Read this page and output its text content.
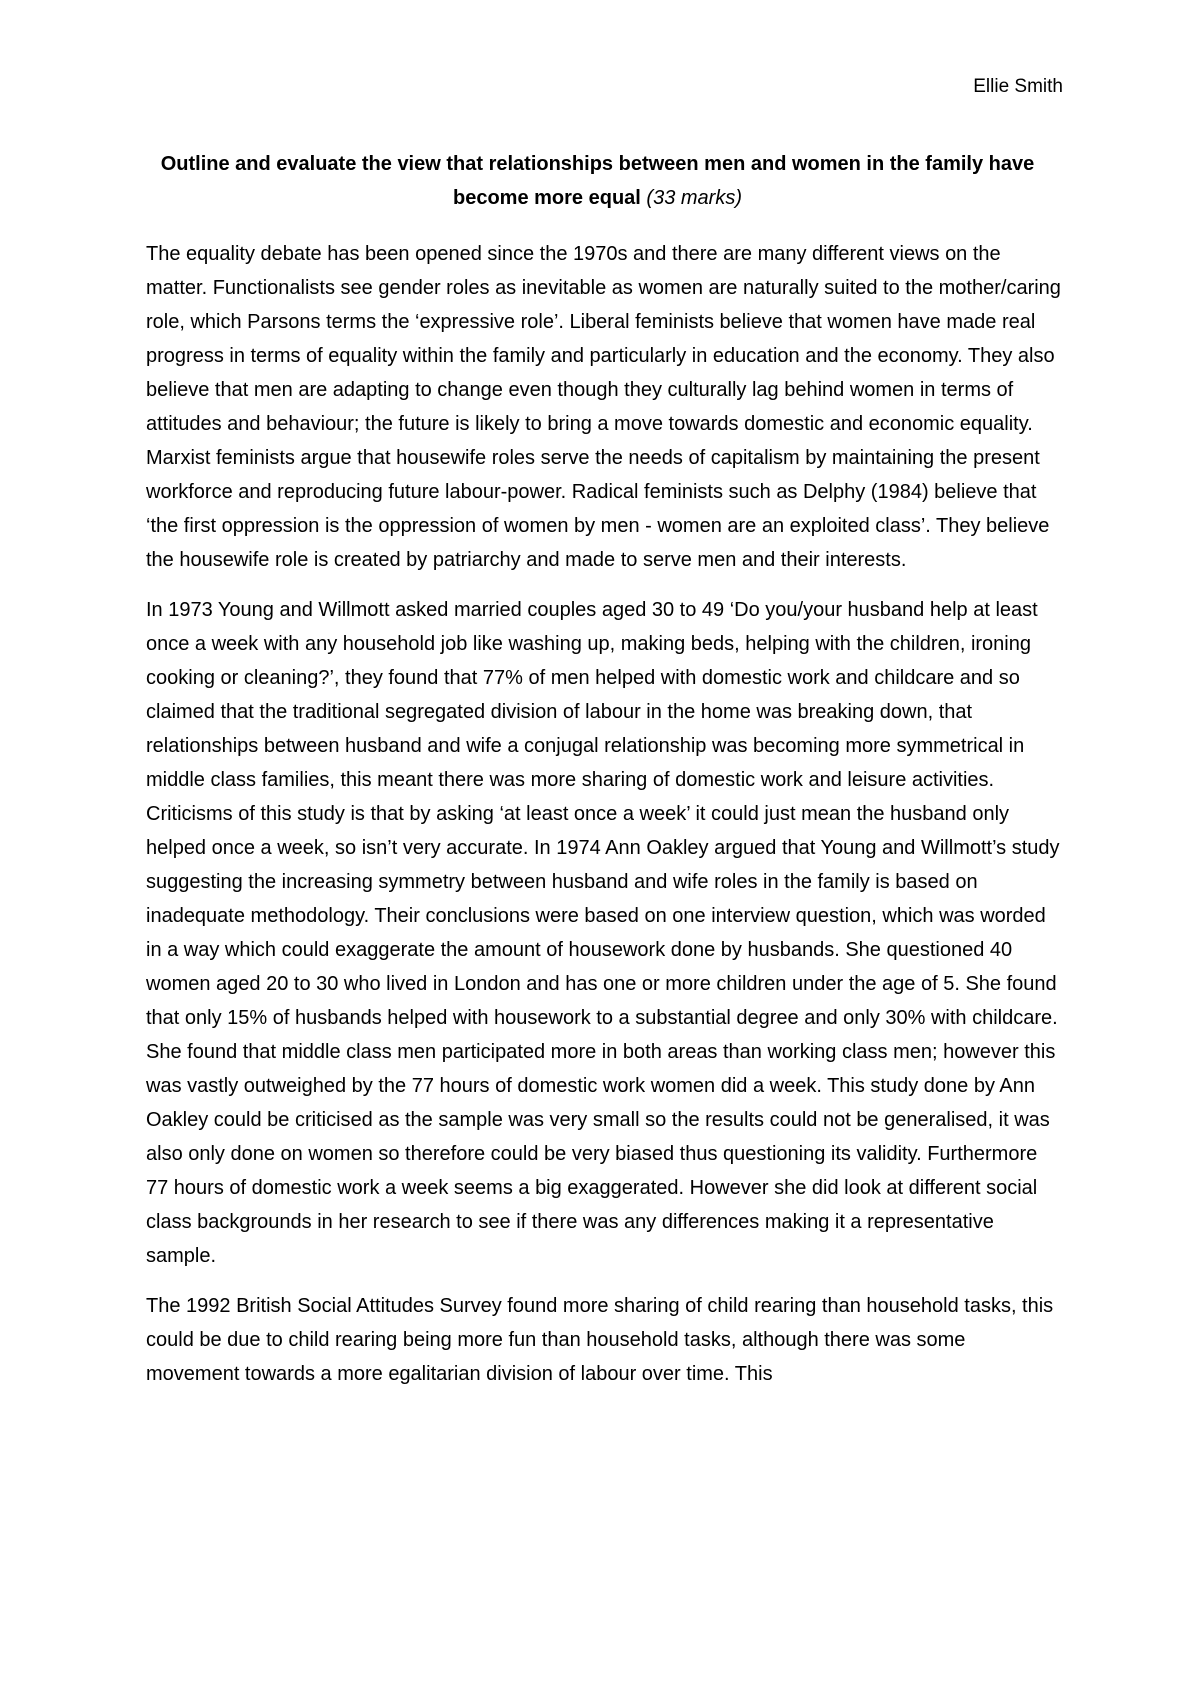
Ellie Smith
Outline and evaluate the view that relationships between men and women in the family have become more equal (33 marks)

The equality debate has been opened since the 1970s and there are many different views on the matter. Functionalists see gender roles as inevitable as women are naturally suited to the mother/caring role, which Parsons terms the ‘expressive role’. Liberal feminists believe that women have made real progress in terms of equality within the family and particularly in education and the economy. They also believe that men are adapting to change even though they culturally lag behind women in terms of attitudes and behaviour; the future is likely to bring a move towards domestic and economic equality. Marxist feminists argue that housewife roles serve the needs of capitalism by maintaining the present workforce and reproducing future labour-power. Radical feminists such as Delphy (1984) believe that ‘the first oppression is the oppression of women by men - women are an exploited class’. They believe the housewife role is created by patriarchy and made to serve men and their interests.

In 1973 Young and Willmott asked married couples aged 30 to 49 ‘Do you/your husband help at least once a week with any household job like washing up, making beds, helping with the children, ironing cooking or cleaning?’, they found that 77% of men helped with domestic work and childcare and so claimed that the traditional segregated division of labour in the home was breaking down, that relationships between husband and wife a conjugal relationship was becoming more symmetrical in middle class families, this meant there was more sharing of domestic work and leisure activities. Criticisms of this study is that by asking ‘at least once a week’ it could just mean the husband only helped once a week, so isn’t very accurate. In 1974 Ann Oakley argued that Young and Willmott’s study suggesting the increasing symmetry between husband and wife roles in the family is based on inadequate methodology. Their conclusions were based on one interview question, which was worded in a way which could exaggerate the amount of housework done by husbands. She questioned 40 women aged 20 to 30 who lived in London and has one or more children under the age of 5. She found that only 15% of husbands helped with housework to a substantial degree and only 30% with childcare. She found that middle class men participated more in both areas than working class men; however this was vastly outweighed by the 77 hours of domestic work women did a week. This study done by Ann Oakley could be criticised as the sample was very small so the results could not be generalised, it was also only done on women so therefore could be very biased thus questioning its validity. Furthermore 77 hours of domestic work a week seems a big exaggerated. However she did look at different social class backgrounds in her research to see if there was any differences making it a representative sample.

The 1992 British Social Attitudes Survey found more sharing of child rearing than household tasks, this could be due to child rearing being more fun than household tasks, although there was some movement towards a more egalitarian division of labour over time. This
